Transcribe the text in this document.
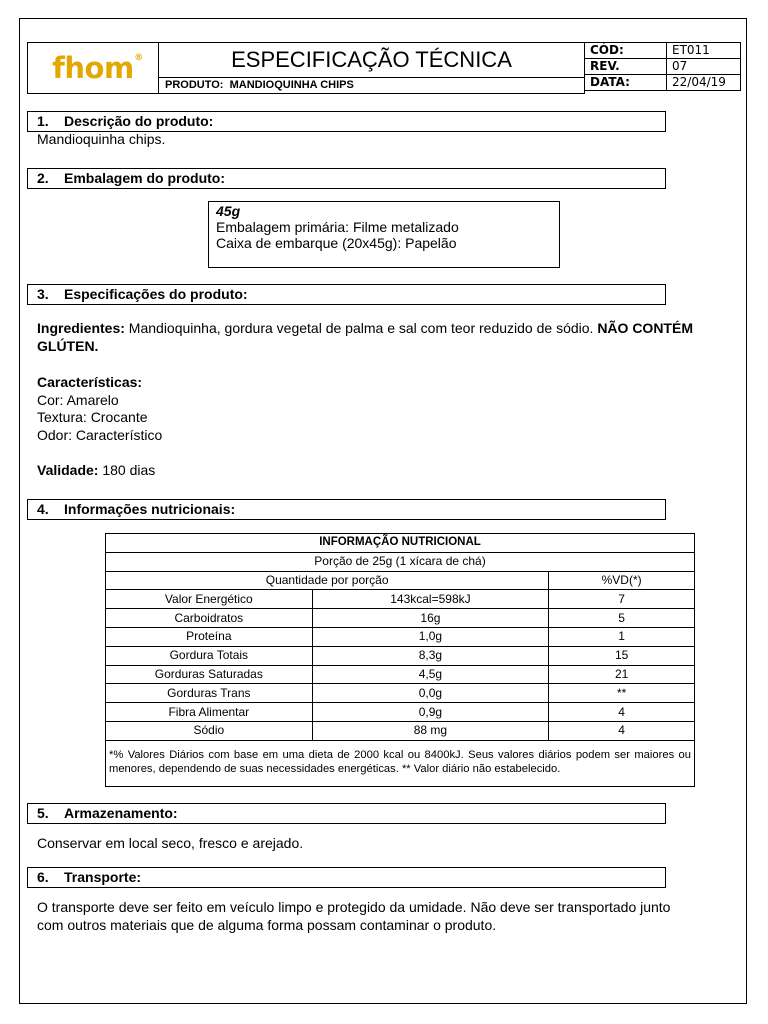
fhom ®	ESPECIFICAÇÃO TÉCNICA
PRODUTO: MANDIOQUINHA CHIPS
CÓD:	ET011
REV.	07
DATA:	22/04/19
1. Descrição do produto:
Mandioquinha chips.
2. Embalagem do produto:
45g
Embalagem primária: Filme metalizado
Caixa de embarque (20x45g): Papelão
3. Especificações do produto:
Ingredientes: Mandioquinha, gordura vegetal de palma e sal com teor reduzido de sódio. NÃO CONTÉM
GLÚTEN.
Características:
Cor: Amarelo
Textura: Crocante
Odor: Característico
Validade: 180 dias
4. Informações nutricionais:
INFORMAÇÃO NUTRICIONAL		
Porção de 25g (1 xícara de chá)		
Quantidade por porção		%VD(*)
Valor Energético	143kcal=598kJ	7
Carboidratos	16g	5
Proteína	1,0g	1
Gordura Totais	8,3g	15
Gorduras Saturadas	4,5g	21
Gorduras Trans	0,0g	**
Fibra Alimentar	0,9g	4
Sódio	88 mg	4
*% Valores Diários com base em uma dieta de 2000 kcal ou 8400kJ. Seus valores diários podem ser maiores ou menores, dependendo de suas necessidades energéticas. ** Valor diário não estabelecido.		
5. Armazenamento:
Conservar em local seco, fresco e arejado.
6. Transporte:
O transporte deve ser feito em veículo limpo e protegido da umidade. Não deve ser transportado junto
com outros materiais que de alguma forma possam contaminar o produto.
